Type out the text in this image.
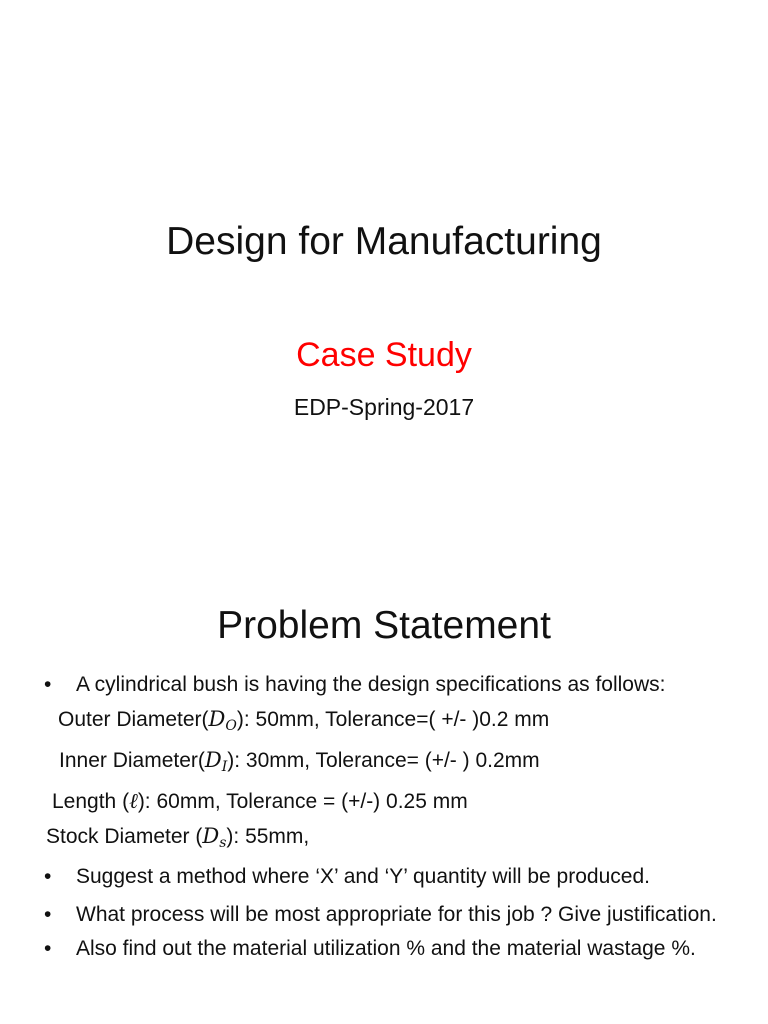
Design for Manufacturing
Case Study
EDP-Spring-2017
Problem Statement
• A cylindrical bush is having the design specifications as follows:
Outer $Diameter(D_O)$: 50mm, Tolerance=( +/- )0.2 mm
Inner $Diameter(D_I)$: 30mm, Tolerance= (+/- ) 0.2mm
Length (ℓ): 60mm, Tolerance = (+/-) 0.25 mm
Stock Diameter $(D_s)$: 55mm,
• Suggest a method where ‘X’ and ‘Y’ quantity will be produced.
• What process will be most appropriate for this job ? Give justification.
• Also find out the material utilization % and the material wastage %.
